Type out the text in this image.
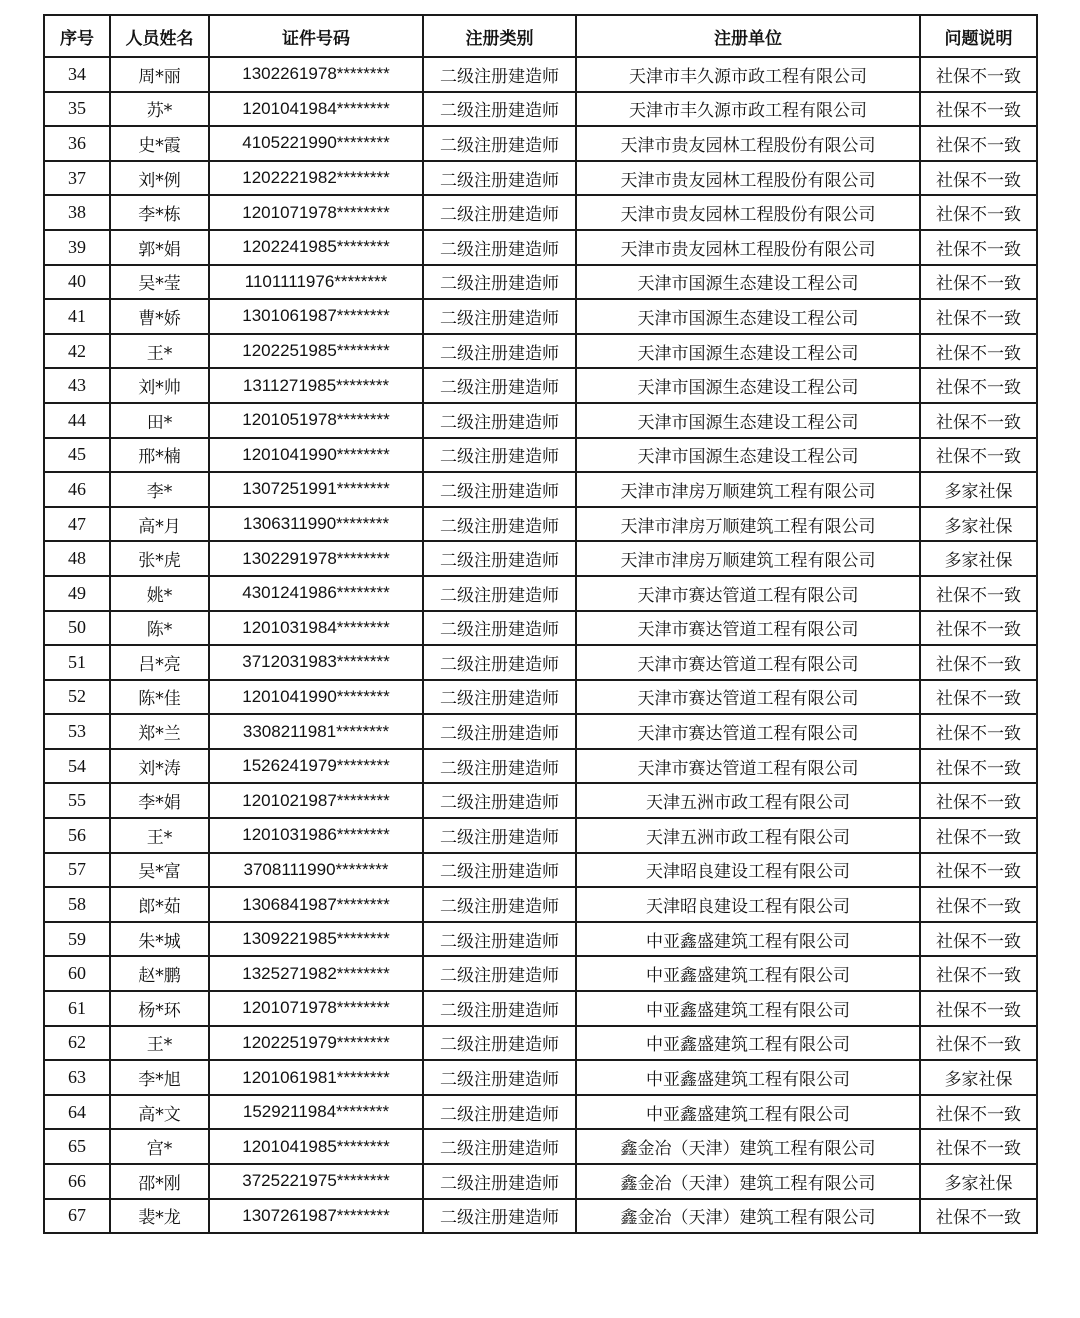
序号	人员姓名	证件号码	注册类别	注册单位	问题说明
34	周*丽	1302261978********	二级注册建造师	天津市丰久源市政工程有限公司	社保不一致
35	苏*	1201041984********	二级注册建造师	天津市丰久源市政工程有限公司	社保不一致
36	史*霞	4105221990********	二级注册建造师	天津市贵友园林工程股份有限公司	社保不一致
37	刘*例	1202221982********	二级注册建造师	天津市贵友园林工程股份有限公司	社保不一致
38	李*栋	1201071978********	二级注册建造师	天津市贵友园林工程股份有限公司	社保不一致
39	郭*娟	1202241985********	二级注册建造师	天津市贵友园林工程股份有限公司	社保不一致
40	吴*莹	1101111976********	二级注册建造师	天津市国源生态建设工程公司	社保不一致
41	曹*娇	1301061987********	二级注册建造师	天津市国源生态建设工程公司	社保不一致
42	王*	1202251985********	二级注册建造师	天津市国源生态建设工程公司	社保不一致
43	刘*帅	1311271985********	二级注册建造师	天津市国源生态建设工程公司	社保不一致
44	田*	1201051978********	二级注册建造师	天津市国源生态建设工程公司	社保不一致
45	邢*楠	1201041990********	二级注册建造师	天津市国源生态建设工程公司	社保不一致
46	李*	1307251991********	二级注册建造师	天津市津房万顺建筑工程有限公司	多家社保
47	高*月	1306311990********	二级注册建造师	天津市津房万顺建筑工程有限公司	多家社保
48	张*虎	1302291978********	二级注册建造师	天津市津房万顺建筑工程有限公司	多家社保
49	姚*	4301241986********	二级注册建造师	天津市赛达管道工程有限公司	社保不一致
50	陈*	1201031984********	二级注册建造师	天津市赛达管道工程有限公司	社保不一致
51	吕*亮	3712031983********	二级注册建造师	天津市赛达管道工程有限公司	社保不一致
52	陈*佳	1201041990********	二级注册建造师	天津市赛达管道工程有限公司	社保不一致
53	郑*兰	3308211981********	二级注册建造师	天津市赛达管道工程有限公司	社保不一致
54	刘*涛	1526241979********	二级注册建造师	天津市赛达管道工程有限公司	社保不一致
55	李*娟	1201021987********	二级注册建造师	天津五洲市政工程有限公司	社保不一致
56	王*	1201031986********	二级注册建造师	天津五洲市政工程有限公司	社保不一致
57	吴*富	3708111990********	二级注册建造师	天津昭良建设工程有限公司	社保不一致
58	郎*茹	1306841987********	二级注册建造师	天津昭良建设工程有限公司	社保不一致
59	朱*城	1309221985********	二级注册建造师	中亚鑫盛建筑工程有限公司	社保不一致
60	赵*鹏	1325271982********	二级注册建造师	中亚鑫盛建筑工程有限公司	社保不一致
61	杨*环	1201071978********	二级注册建造师	中亚鑫盛建筑工程有限公司	社保不一致
62	王*	1202251979********	二级注册建造师	中亚鑫盛建筑工程有限公司	社保不一致
63	李*旭	1201061981********	二级注册建造师	中亚鑫盛建筑工程有限公司	多家社保
64	高*文	1529211984********	二级注册建造师	中亚鑫盛建筑工程有限公司	社保不一致
65	宫*	1201041985********	二级注册建造师	鑫金冶（天津）建筑工程有限公司	社保不一致
66	邵*刚	3725221975********	二级注册建造师	鑫金冶（天津）建筑工程有限公司	多家社保
67	裴*龙	1307261987********	二级注册建造师	鑫金冶（天津）建筑工程有限公司	社保不一致
